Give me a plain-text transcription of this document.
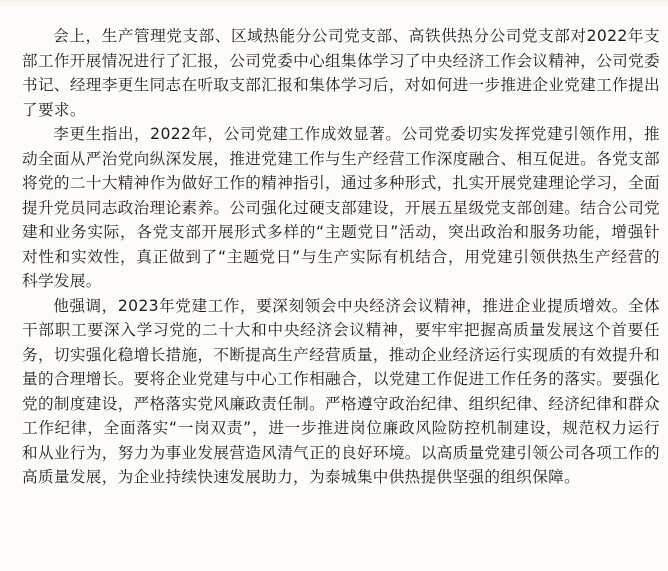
会上，生产管理党支部、区域热能分公司党支部、高铁供热分公司党支部对2022年支部工作开展情况进行了汇报，公司党委中心组集体学习了中央经济工作会议精神，公司党委书记、经理李更生同志在听取支部汇报和集体学习后，对如何进一步推进企业党建工作提出了要求。

李更生指出，2022年，公司党建工作成效显著。公司党委切实发挥党建引领作用，推动全面从严治党向纵深发展，推进党建工作与生产经营工作深度融合、相互促进。各党支部将党的二十大精神作为做好工作的精神指引，通过多种形式，扎实开展党建理论学习，全面提升党员同志政治理论素养。公司强化过硬支部建设，开展五星级党支部创建。结合公司党建和业务实际，各党支部开展形式多样的“主题党日”活动，突出政治和服务功能，增强针对性和实效性，真正做到了“主题党日”与生产实际有机结合，用党建引领供热生产经营的科学发展。

他强调，2023年党建工作，要深刻领会中央经济会议精神，推进企业提质增效。全体干部职工要深入学习党的二十大和中央经济会议精神，要牢牢把握高质量发展这个首要任务，切实强化稳增长措施，不断提高生产经营质量，推动企业经济运行实现质的有效提升和量的合理增长。要将企业党建与中心工作相融合，以党建工作促进工作任务的落实。要强化党的制度建设，严格落实党风廉政责任制。严格遵守政治纪律、组织纪律、经济纪律和群众工作纪律，全面落实“一岗双责”，进一步推进岗位廉政风险防控机制建设，规范权力运行和从业行为，努力为事业发展营造风清气正的良好环境。以高质量党建引领公司各项工作的高质量发展，为企业持续快速发展助力，为泰城集中供热提供坚强的组织保障。
